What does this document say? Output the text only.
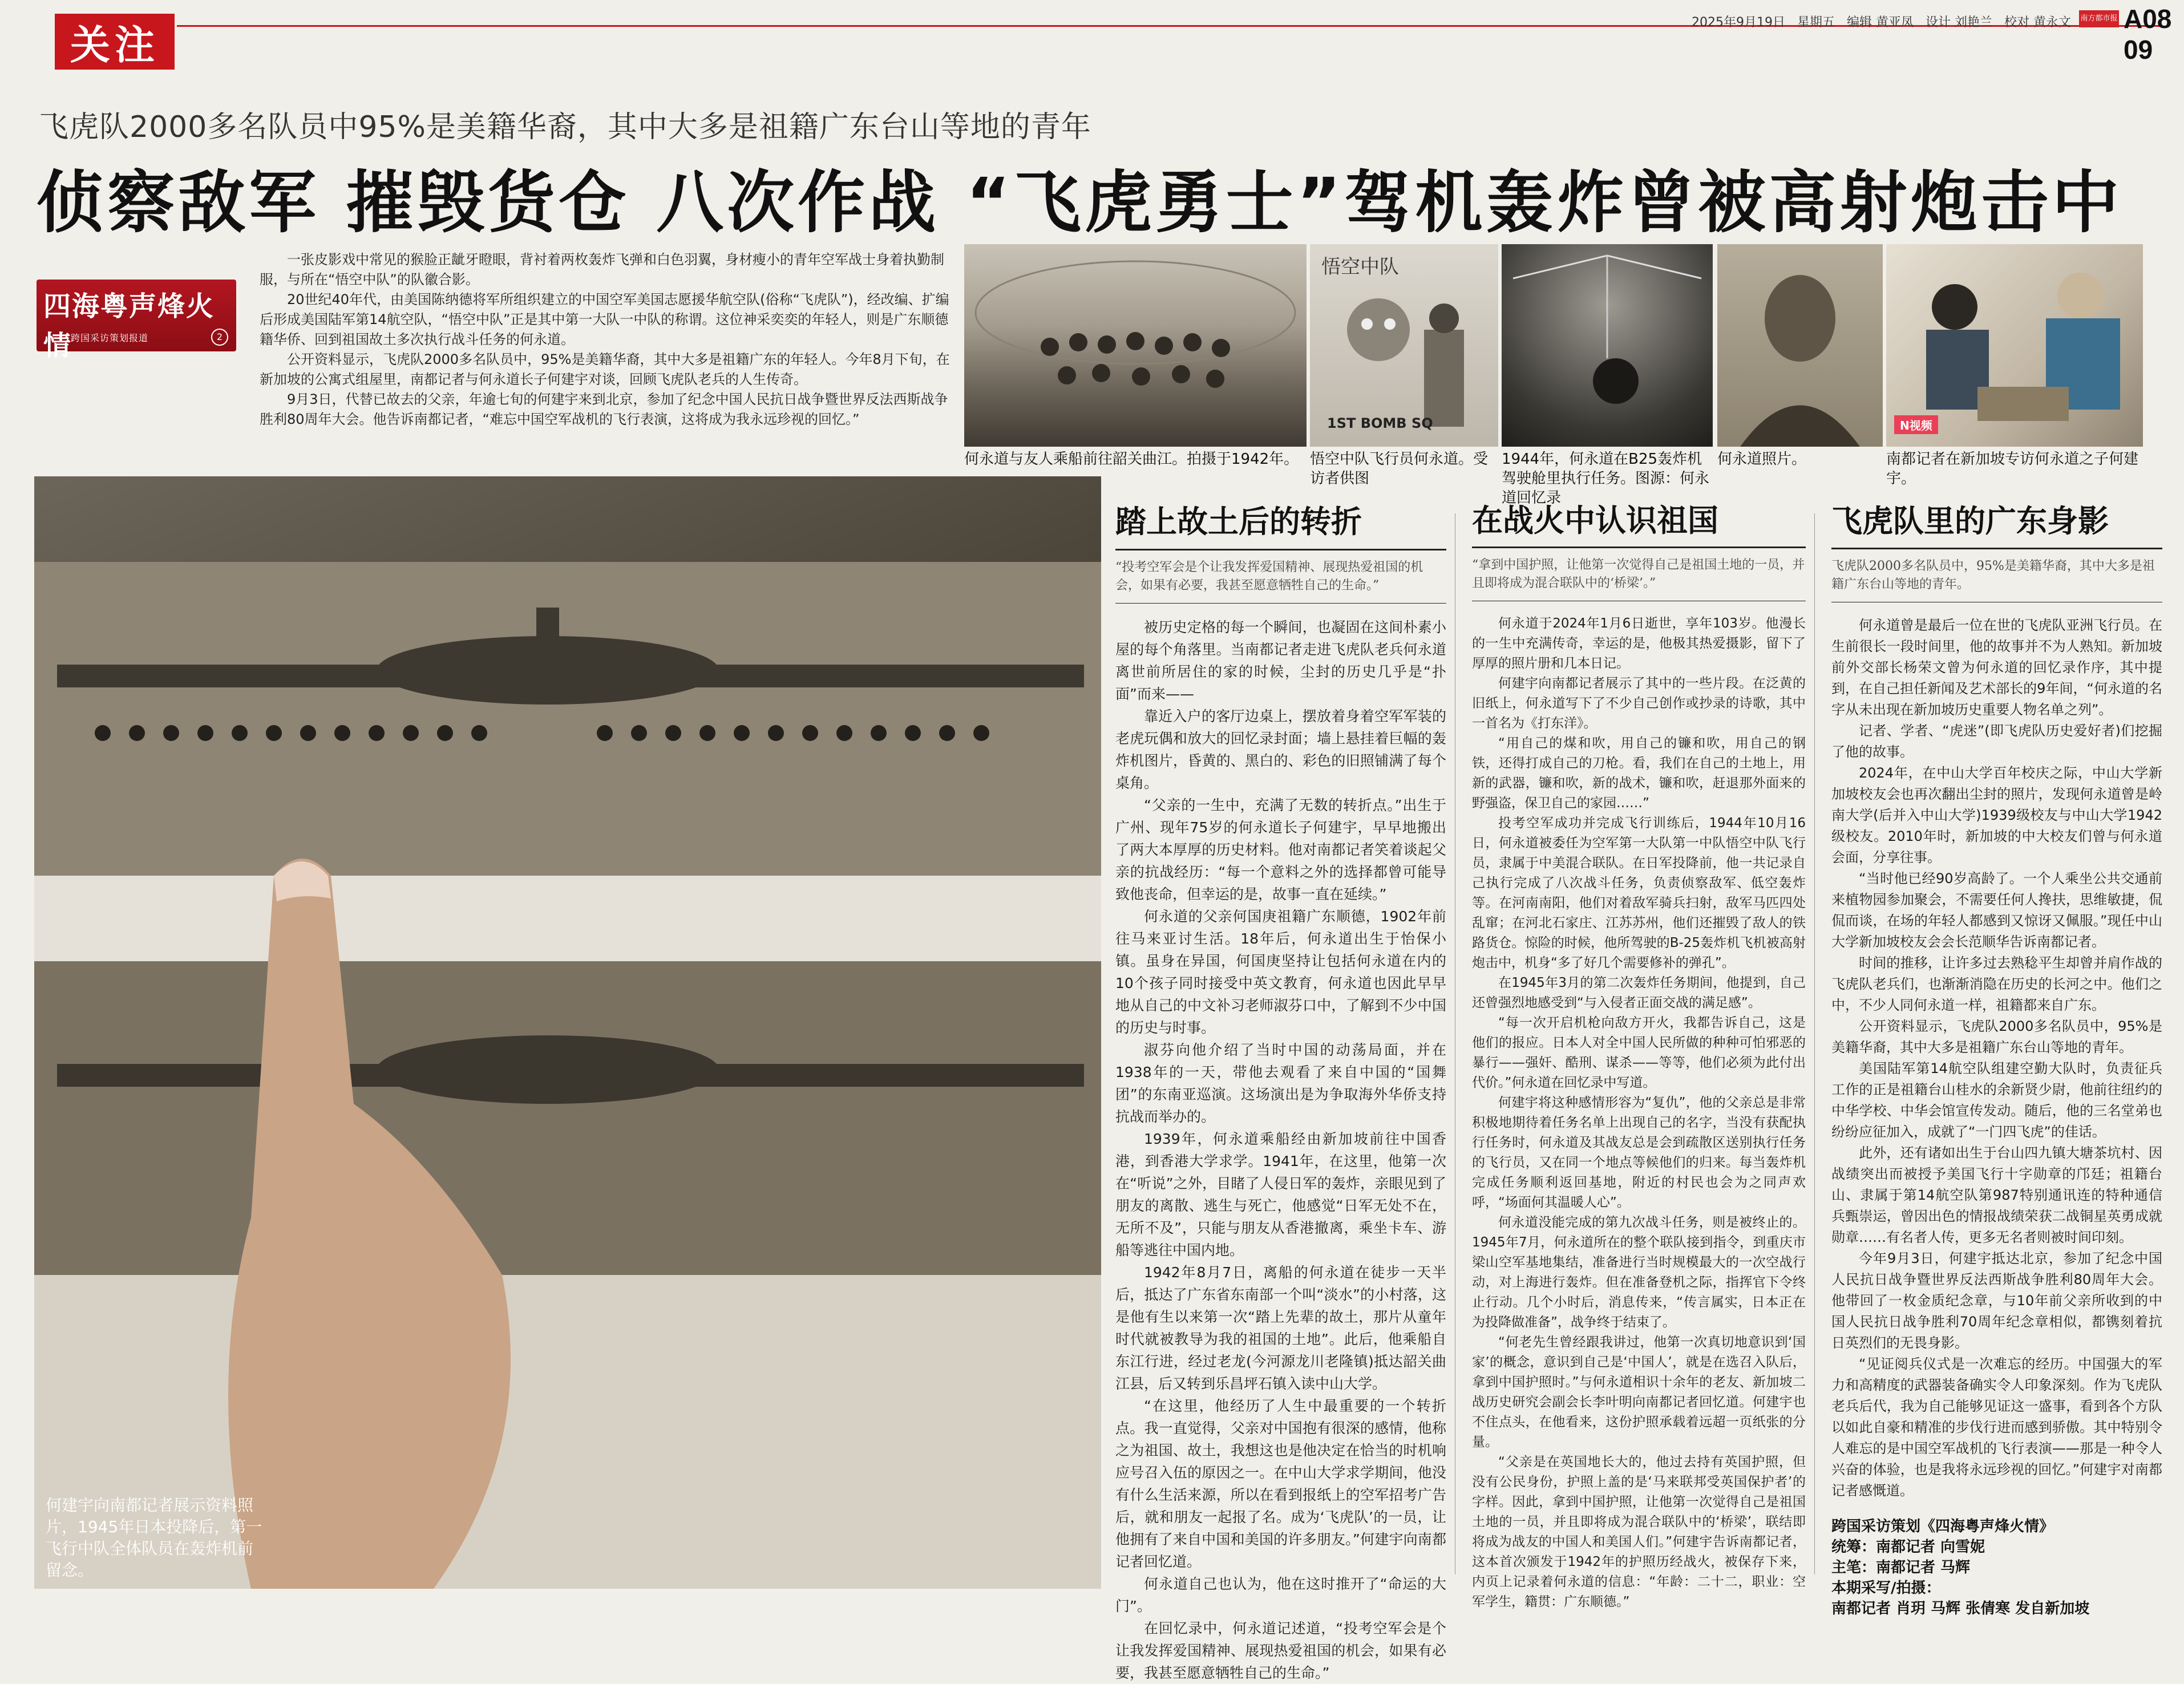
关注	2025年9月19日 星期五 编辑 黄亚凤 设计 刘艳兰 校对 黄永文 南方都市报 A08 09
飞虎队2000多名队员中95%是美籍华裔，其中大多是祖籍广东台山等地的青年
侦察敌军 摧毁货仓 八次作战 “飞虎勇士”驾机轰炸曾被高射炮击中
四海粤声烽火情
跨国采访策划报道	2

一张皮影戏中常见的猴脸正龇牙瞪眼，背衬着两枚轰炸飞弹和白色羽翼，身材瘦小的青年空军战士身着执勤制服，与所在“悟空中队”的队徽合影。

20世纪40年代，由美国陈纳德将军所组织建立的中国空军美国志愿援华航空队(俗称“飞虎队”)，经改编、扩编后形成美国陆军第14航空队，“悟空中队”正是其中第一大队一中队的称谓。这位神采奕奕的年轻人，则是广东顺德籍华侨、回到祖国故土多次执行战斗任务的何永道。

公开资料显示，飞虎队2000多名队员中，95%是美籍华裔，其中大多是祖籍广东的年轻人。今年8月下旬，在新加坡的公寓式组屋里，南都记者与何永道长子何建宇对谈，回顾飞虎队老兵的人生传奇。

9月3日，代替已故去的父亲，年逾七旬的何建宇来到北京，参加了纪念中国人民抗日战争暨世界反法西斯战争胜利80周年大会。他告诉南都记者，“难忘中国空军战机的飞行表演，这将成为我永远珍视的回忆。”

何永道与友人乘船前往韶关曲江。拍摄于1942年。
悟空中队
1ST BOMB SQ
悟空中队飞行员何永道。受访者供图
1944年，何永道在B25轰炸机驾驶舱里执行任务。图源：何永道回忆录
何永道照片。
N视频
南都记者在新加坡专访何永道之子何建宇。
何建宇向南都记者展示资料照片，1945年日本投降后，第一飞行中队全体队员在轰炸机前留念。
踏上故土后的转折
“投考空军会是个让我发挥爱国精神、展现热爱祖国的机会，如果有必要，我甚至愿意牺牲自己的生命。”

被历史定格的每一个瞬间，也凝固在这间朴素小屋的每个角落里。当南都记者走进飞虎队老兵何永道离世前所居住的家的时候，尘封的历史几乎是“扑面”而来——

靠近入户的客厅边桌上，摆放着身着空军军装的老虎玩偶和放大的回忆录封面；墙上悬挂着巨幅的轰炸机图片，昏黄的、黑白的、彩色的旧照铺满了每个桌角。

“父亲的一生中，充满了无数的转折点。”出生于广州、现年75岁的何永道长子何建宇，早早地搬出了两大本厚厚的历史材料。他对南都记者笑着谈起父亲的抗战经历：“每一个意料之外的选择都曾可能导致他丧命，但幸运的是，故事一直在延续。”

何永道的父亲何国庚祖籍广东顺德，1902年前往马来亚讨生活。18年后，何永道出生于怡保小镇。虽身在异国，何国庚坚持让包括何永道在内的10个孩子同时接受中英文教育，何永道也因此早早地从自己的中文补习老师淑芬口中，了解到不少中国的历史与时事。

淑芬向他介绍了当时中国的动荡局面，并在1938年的一天，带他去观看了来自中国的“国舞团”的东南亚巡演。这场演出是为争取海外华侨支持抗战而举办的。

1939年，何永道乘船经由新加坡前往中国香港，到香港大学求学。1941年，在这里，他第一次在“听说”之外，目睹了人侵日军的轰炸，亲眼见到了朋友的离散、逃生与死亡，他感觉“日军无处不在，无所不及”，只能与朋友从香港撤离，乘坐卡车、游船等逃往中国内地。

1942年8月7日，离船的何永道在徒步一天半后，抵达了广东省东南部一个叫“淡水”的小村落，这是他有生以来第一次“踏上先辈的故土，那片从童年时代就被教导为我的祖国的土地”。此后，他乘船自东江行进，经过老龙(今河源龙川老隆镇)抵达韶关曲江县，后又转到乐昌坪石镇入读中山大学。

“在这里，他经历了人生中最重要的一个转折点。我一直觉得，父亲对中国抱有很深的感情，他称之为祖国、故土，我想这也是他决定在恰当的时机响应号召入伍的原因之一。在中山大学求学期间，他没有什么生活来源，所以在看到报纸上的空军招考广告后，就和朋友一起报了名。成为‘飞虎队’的一员，让他拥有了来自中国和美国的许多朋友。”何建宇向南都记者回忆道。

何永道自己也认为，他在这时推开了“命运的大门”。

在回忆录中，何永道记述道，“投考空军会是个让我发挥爱国精神、展现热爱祖国的机会，如果有必要，我甚至愿意牺牲自己的生命。”

在战火中认识祖国
“拿到中国护照，让他第一次觉得自己是祖国土地的一员，并且即将成为混合联队中的‘桥梁’。”

何永道于2024年1月6日逝世，享年103岁。他漫长的一生中充满传奇，幸运的是，他极其热爱摄影，留下了厚厚的照片册和几本日记。

何建宇向南都记者展示了其中的一些片段。在泛黄的旧纸上，何永道写下了不少自己创作或抄录的诗歌，其中一首名为《打东洋》。

“用自己的煤和吹，用自己的镰和吹，用自己的钢铁，还得打成自己的刀枪。看，我们在自己的土地上，用新的武器，镰和吹，新的战术，镰和吹，赶退那外面来的野强盗，保卫自己的家园……”

投考空军成功并完成飞行训练后，1944年10月16日，何永道被委任为空军第一大队第一中队悟空中队飞行员，隶属于中美混合联队。在日军投降前，他一共记录自己执行完成了八次战斗任务，负责侦察敌军、低空轰炸等。在河南南阳，他们对着敌军骑兵扫射，敌军马匹四处乱窜；在河北石家庄、江苏苏州，他们还摧毁了敌人的铁路货仓。惊险的时候，他所驾驶的B-25轰炸机飞机被高射炮击中，机身“多了好几个需要修补的弹孔”。

在1945年3月的第二次轰炸任务期间，他提到，自己还曾强烈地感受到“与入侵者正面交战的满足感”。

“每一次开启机枪向敌方开火，我都告诉自己，这是他们的报应。日本人对全中国人民所做的种种可怕邪恶的暴行——强奸、酷刑、谋杀——等等，他们必须为此付出代价。”何永道在回忆录中写道。

何建宇将这种感情形容为“复仇”，他的父亲总是非常积极地期待着任务名单上出现自己的名字，当没有获配执行任务时，何永道及其战友总是会到疏散区送别执行任务的飞行员，又在同一个地点等候他们的归来。每当轰炸机完成任务顺利返回基地，附近的村民也会为之同声欢呼，“场面何其温暖人心”。

何永道没能完成的第九次战斗任务，则是被终止的。1945年7月，何永道所在的整个联队接到指令，到重庆市梁山空军基地集结，准备进行当时规模最大的一次空战行动，对上海进行轰炸。但在准备登机之际，指挥官下令终止行动。几个小时后，消息传来，“传言属实，日本正在为投降做准备”，战争终于结束了。

“何老先生曾经跟我讲过，他第一次真切地意识到‘国家’的概念，意识到自己是‘中国人’，就是在选召入队后，拿到中国护照时。”与何永道相识十余年的老友、新加坡二战历史研究会副会长李叶明向南都记者回忆道。何建宇也不住点头，在他看来，这份护照承载着远超一页纸张的分量。

“父亲是在英国地长大的，他过去持有英国护照，但没有公民身份，护照上盖的是‘马来联邦受英国保护者’的字样。因此，拿到中国护照，让他第一次觉得自己是祖国土地的一员，并且即将成为混合联队中的‘桥梁’，联结即将成为战友的中国人和美国人们。”何建宇告诉南都记者，这本首次颁发于1942年的护照历经战火，被保存下来，内页上记录着何永道的信息：“年龄：二十二，职业：空军学生，籍贯：广东顺德。”

飞虎队里的广东身影
飞虎队2000多名队员中，95%是美籍华裔，其中大多是祖籍广东台山等地的青年。

何永道曾是最后一位在世的飞虎队亚洲飞行员。在生前很长一段时间里，他的故事并不为人熟知。新加坡前外交部长杨荣文曾为何永道的回忆录作序，其中提到，在自己担任新闻及艺术部长的9年间，“何永道的名字从未出现在新加坡历史重要人物名单之列”。

记者、学者、“虎迷”(即飞虎队历史爱好者)们挖掘了他的故事。

2024年，在中山大学百年校庆之际，中山大学新加坡校友会也再次翻出尘封的照片，发现何永道曾是岭南大学(后并入中山大学)1939级校友与中山大学1942级校友。2010年时，新加坡的中大校友们曾与何永道会面，分享往事。

“当时他已经90岁高龄了。一个人乘坐公共交通前来植物园参加聚会，不需要任何人搀扶，思维敏捷，侃侃而谈，在场的年轻人都感到又惊讶又佩服。”现任中山大学新加坡校友会会长范顺华告诉南都记者。

时间的推移，让许多过去熟稔平生却曾并肩作战的飞虎队老兵们，也渐渐消隐在历史的长河之中。他们之中，不少人同何永道一样，祖籍都来自广东。

公开资料显示，飞虎队2000多名队员中，95%是美籍华裔，其中大多是祖籍广东台山等地的青年。

美国陆军第14航空队组建空勤大队时，负责征兵工作的正是祖籍台山桂水的余新贤少尉，他前往纽约的中华学校、中华会馆宣传发动。随后，他的三名堂弟也纷纷应征加入，成就了“一门四飞虎”的佳话。

此外，还有诸如出生于台山四九镇大塘茶坑村、因战绩突出而被授予美国飞行十字勋章的邝廷；祖籍台山、隶属于第14航空队第987特别通讯连的特种通信兵甄崇运，曾因出色的情报战绩荣获二战铜星英勇成就勋章……有名者人传，更多无名者则被时间印刻。

今年9月3日，何建宇抵达北京，参加了纪念中国人民抗日战争暨世界反法西斯战争胜利80周年大会。他带回了一枚金质纪念章，与10年前父亲所收到的中国人民抗日战争胜利70周年纪念章相似，都镌刻着抗日英烈们的无畏身影。

“见证阅兵仪式是一次难忘的经历。中国强大的军力和高精度的武器装备确实令人印象深刻。作为飞虎队老兵后代，我为自己能够见证这一盛事，看到各个方队以如此自豪和精准的步伐行进而感到骄傲。其中特别令人难忘的是中国空军战机的飞行表演——那是一种令人兴奋的体验，也是我将永远珍视的回忆。”何建宇对南都记者感慨道。

跨国采访策划《四海粤声烽火情》
统筹：南都记者 向雪妮
主笔：南都记者 马辉
本期采写/拍摄：
南都记者 肖玥 马辉 张倩寒 发自新加坡
